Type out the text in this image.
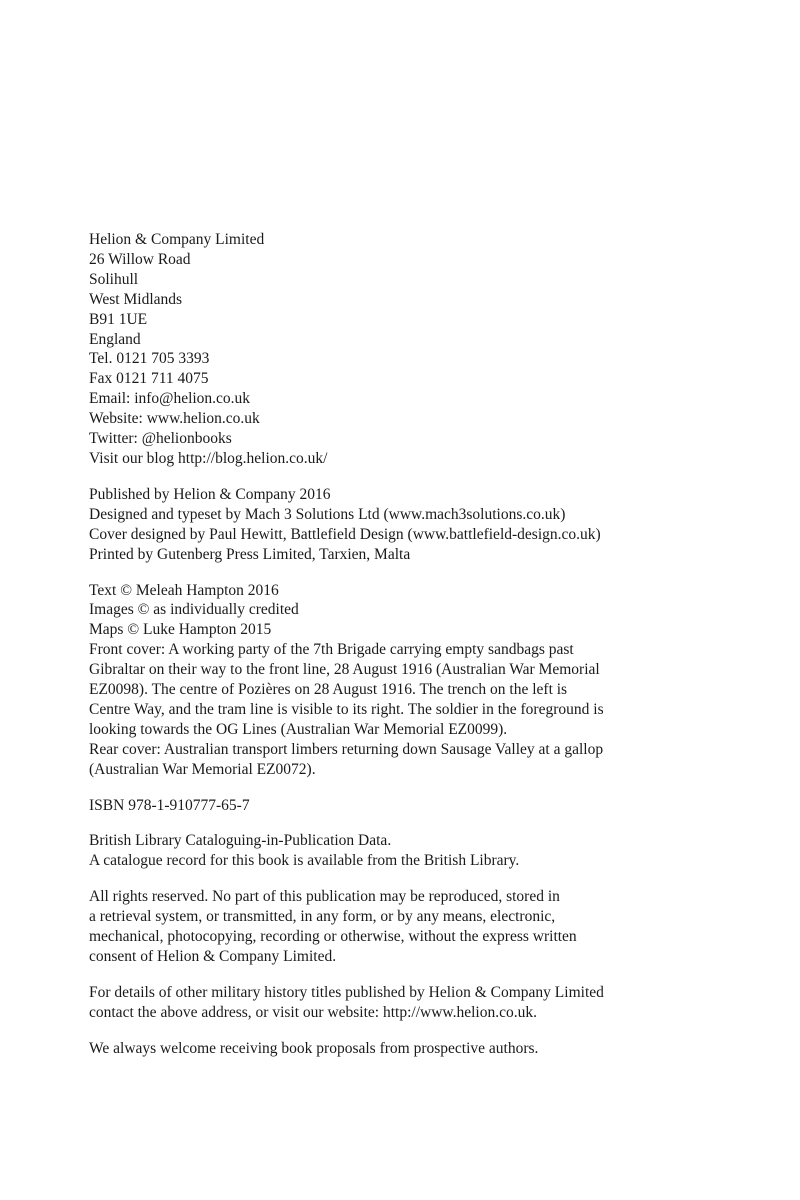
Helion & Company Limited
26 Willow Road
Solihull
West Midlands
B91 1UE
England
Tel. 0121 705 3393
Fax 0121 711 4075
Email: info@helion.co.uk
Website: www.helion.co.uk
Twitter: @helionbooks
Visit our blog http://blog.helion.co.uk/
Published by Helion & Company 2016
Designed and typeset by Mach 3 Solutions Ltd (www.mach3solutions.co.uk)
Cover designed by Paul Hewitt, Battlefield Design (www.battlefield-design.co.uk)
Printed by Gutenberg Press Limited, Tarxien, Malta
Text © Meleah Hampton 2016
Images © as individually credited
Maps © Luke Hampton 2015
Front cover: A working party of the 7th Brigade carrying empty sandbags past
Gibraltar on their way to the front line, 28 August 1916 (Australian War Memorial
EZ0098). The centre of Pozières on 28 August 1916. The trench on the left is
Centre Way, and the tram line is visible to its right. The soldier in the foreground is
looking towards the OG Lines (Australian War Memorial EZ0099).
Rear cover: Australian transport limbers returning down Sausage Valley at a gallop
(Australian War Memorial EZ0072).
ISBN 978-1-910777-65-7
British Library Cataloguing-in-Publication Data.
A catalogue record for this book is available from the British Library.
All rights reserved. No part of this publication may be reproduced, stored in
a retrieval system, or transmitted, in any form, or by any means, electronic,
mechanical, photocopying, recording or otherwise, without the express written
consent of Helion & Company Limited.
For details of other military history titles published by Helion & Company Limited
contact the above address, or visit our website: http://www.helion.co.uk.
We always welcome receiving book proposals from prospective authors.
